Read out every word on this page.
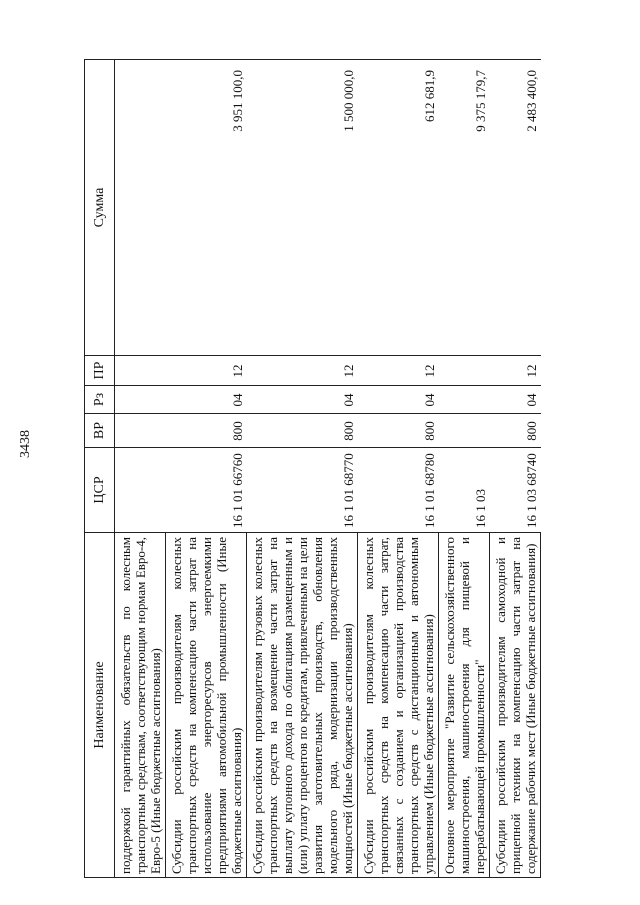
3438
Наименование	ЦСР	ВР	Рз	ПР	Сумма
поддержкой гарантийных обязательств по колесным транспортным средствам, соответствующим нормам Евро-4, Евро-5 (Иные бюджетные ассигнования)					
Субсидии российским производителям колесных транспортных средств на компенсацию части затрат на использование энергоресурсов энергоемкими предприятиями автомобильной промышленности (Иные бюджетные ассигнования)	16 1 01 66760	800	04	12	3 951 100,0
Субсидии российским производителям грузовых колесных транспортных средств на возмещение части затрат на выплату купонного дохода по облигациям размещенным и (или) уплату процентов по кредитам, привлеченным на цели развития заготовительных производств, обновления модельного ряда, модернизации производственных мощностей (Иные бюджетные ассигнования)	16 1 01 68770	800	04	12	1 500 000,0
Субсидии российским производителям колесных транспортных средств на компенсацию части затрат, связанных с созданием и организацией производства транспортных средств с дистанционным и автономным управлением (Иные бюджетные ассигнования)	16 1 01 68780	800	04	12	612 681,9
Основное мероприятие "Развитие сельскохозяйственного машиностроения, машиностроения для пищевой и перерабатывающей промышленности"	16 1 03				9 375 179,7
Субсидии российским производителям самоходной и прицепной техники на компенсацию части затрат на содержание рабочих мест (Иные бюджетные ассигнования)	16 1 03 68740	800	04	12	2 483 400,0
